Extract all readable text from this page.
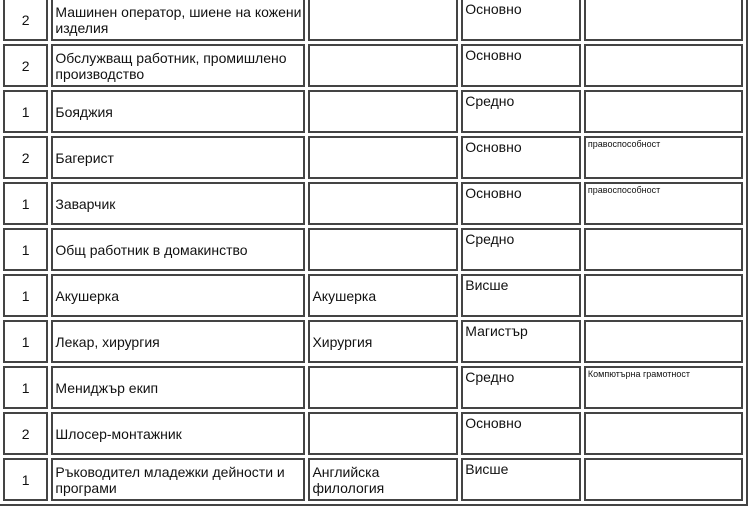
2	Машинен оператор, шиене на кожени изделия		Основно	
2	Обслужващ работник, промишлено производство		Основно	
1	Бояджия		Средно	
2	Багерист		Основно	правоспособност
1	Заварчик		Основно	правоспособност
1	Общ работник в домакинство		Средно	
1	Акушерка	Акушерка	Висше	
1	Лекар, хирургия	Хирургия	Магистър	
1	Мениджър екип		Средно	Компютърна грамотност
2	Шлосер-монтажник		Основно	
1	Ръководител младежки дейности и програми	Английска филология	Висше	
